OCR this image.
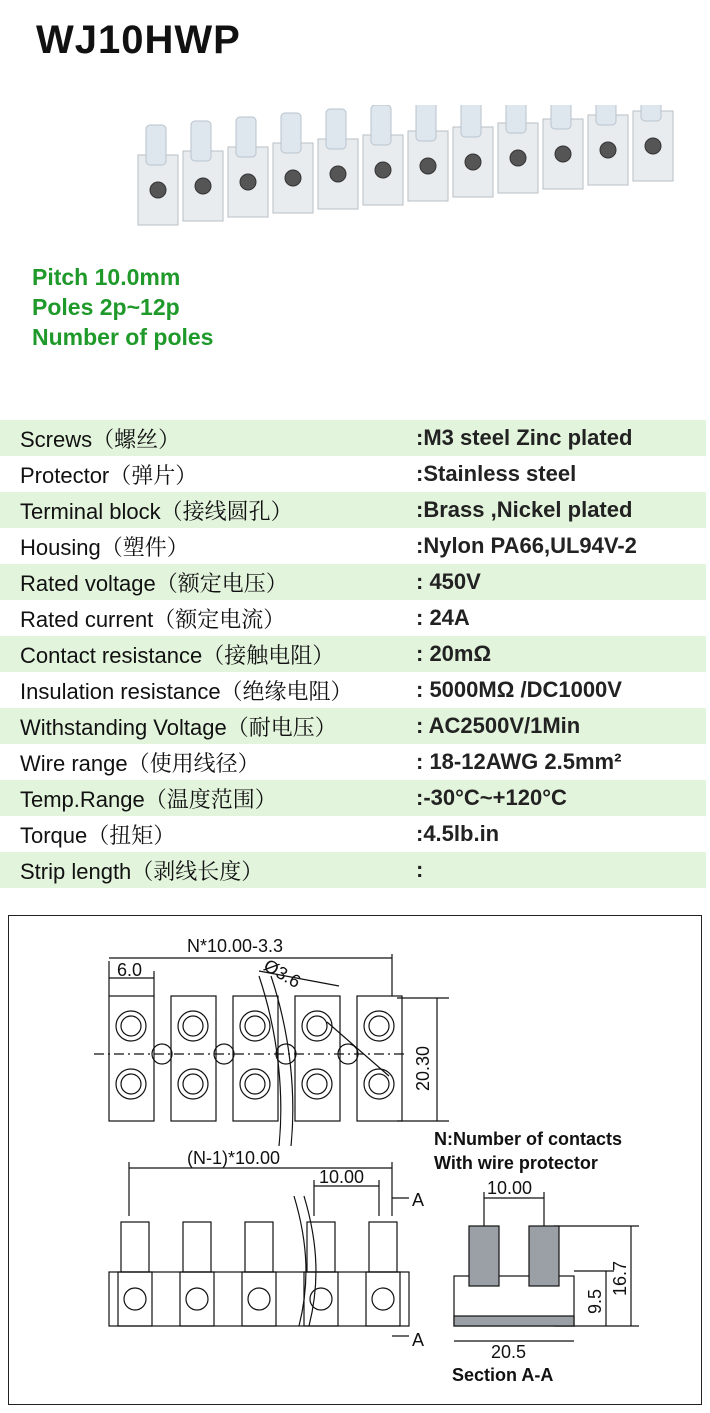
WJ10HWP
Pitch 10.0mm
Poles 2p~12p
Number of poles
Screws（螺丝）	:M3 steel Zinc plated
Protector（弹片）	:Stainless steel
Terminal block（接线圆孔）	:Brass ,Nickel plated
Housing（塑件）	:Nylon PA66,UL94V-2
Rated voltage（额定电压）	: 450V
Rated current（额定电流）	: 24A
Contact resistance（接触电阻）	: 20mΩ
Insulation resistance（绝缘电阻）	: 5000MΩ /DC1000V
Withstanding Voltage（耐电压）	: AC2500V/1Min
Wire range（使用线径）	: 18-12AWG 2.5mm²
Temp.Range（温度范围）	:-30°C~+120°C
Torque（扭矩）	:4.5lb.in
Strip length（剥线长度）	:
N*10.00-3.3
6.0	Ø3.6
20.30
(N-1)*10.00
10.00
A
A
10.00
20.5
9.5
16.7
Section A-A
N:Number of contacts
With wire protector
